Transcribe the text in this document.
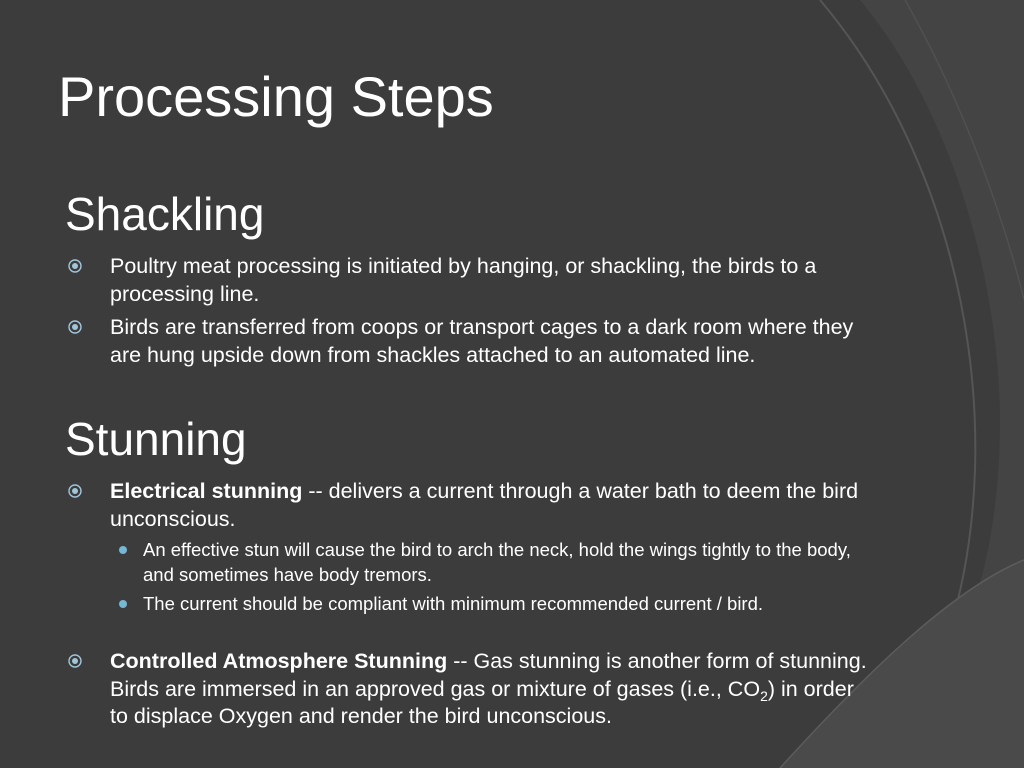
Processing Steps
Shackling
Poultry meat processing is initiated by hanging, or shackling, the birds to a processing line.
Birds are transferred from coops or transport cages to a dark room where they are hung upside down from shackles attached to an automated line.
Stunning
Electrical stunning -- delivers a current through a water bath to deem the bird unconscious.
An effective stun will cause the bird to arch the neck, hold the wings tightly to the body, and sometimes have body tremors.
The current should be compliant with minimum recommended current / bird.
Controlled Atmosphere Stunning -- Gas stunning is another form of stunning. Birds are immersed in an approved gas or mixture of gases (i.e., $CO_2$) in order to displace Oxygen and render the bird unconscious.
